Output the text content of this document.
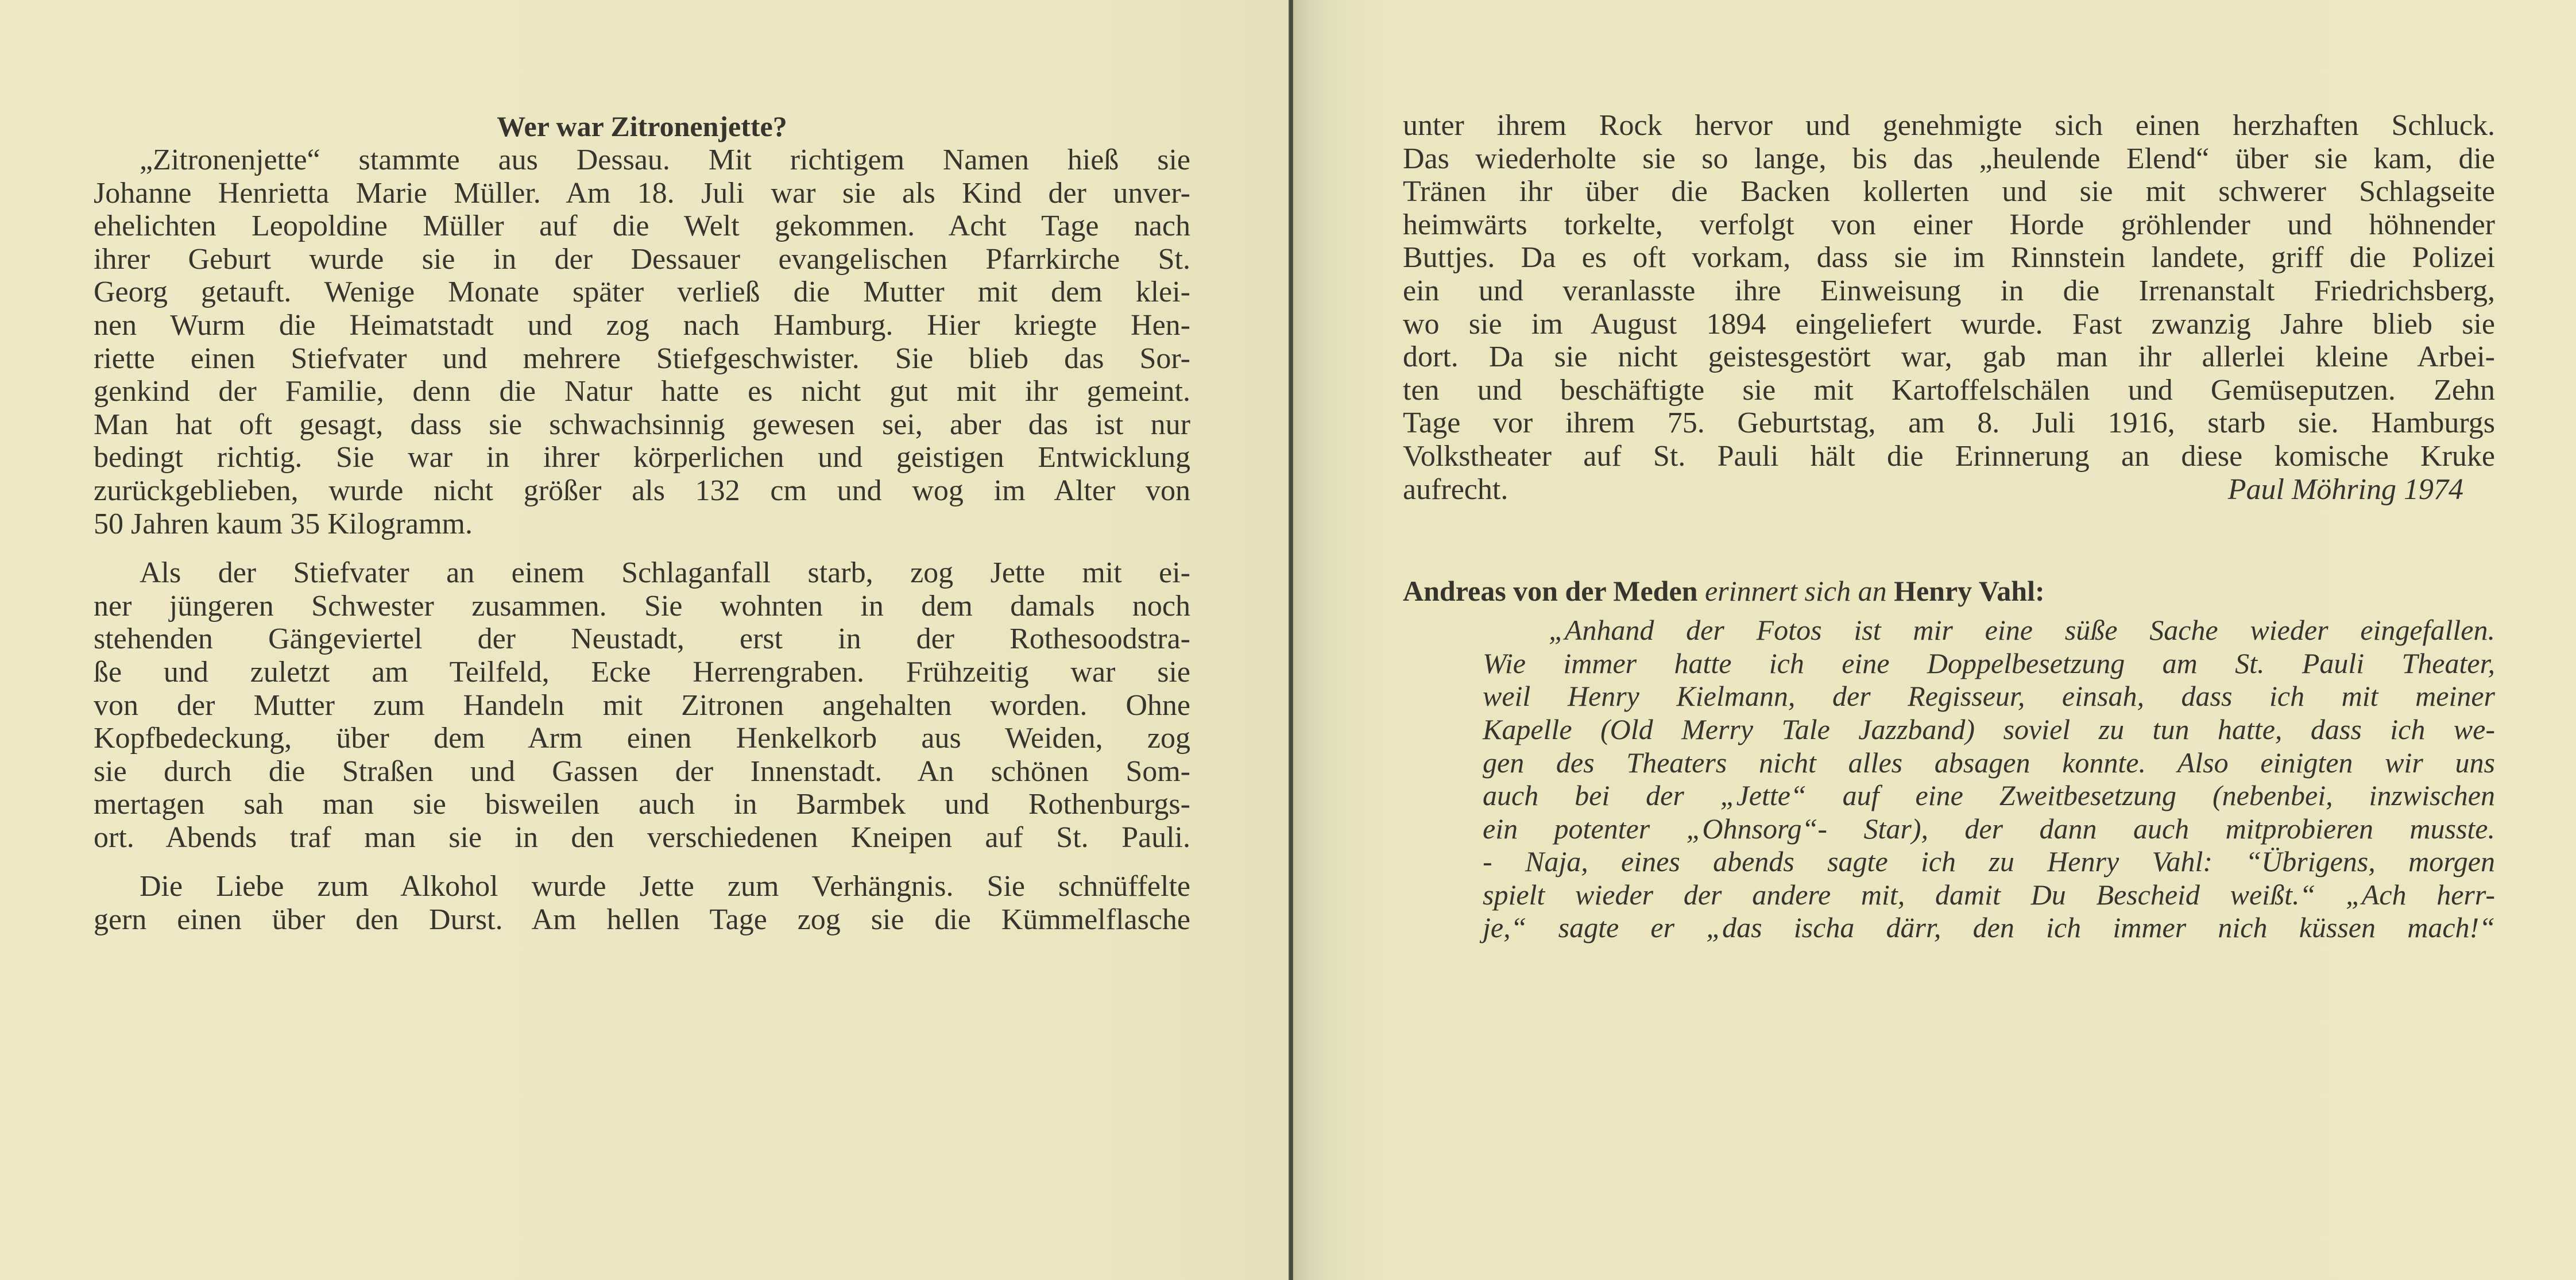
Wer war Zitronenjette?
„Zitronenjette“ stammte aus Dessau. Mit richtigem Namen hieß sie
Johanne Henrietta Marie Müller. Am 18. Juli war sie als Kind der unver-
ehelichten Leopoldine Müller auf die Welt gekommen. Acht Tage nach
ihrer Geburt wurde sie in der Dessauer evangelischen Pfarrkirche St.
Georg getauft. Wenige Monate später verließ die Mutter mit dem klei-
nen Wurm die Heimatstadt und zog nach Hamburg. Hier kriegte Hen-
riette einen Stiefvater und mehrere Stiefgeschwister. Sie blieb das Sor-
genkind der Familie, denn die Natur hatte es nicht gut mit ihr gemeint.
Man hat oft gesagt, dass sie schwachsinnig gewesen sei, aber das ist nur
bedingt richtig. Sie war in ihrer körperlichen und geistigen Entwicklung
zurückgeblieben, wurde nicht größer als 132 cm und wog im Alter von
50 Jahren kaum 35 Kilogramm.
Als der Stiefvater an einem Schlaganfall starb, zog Jette mit ei-
ner jüngeren Schwester zusammen. Sie wohnten in dem damals noch
stehenden Gängeviertel der Neustadt, erst in der Rothesoodstra-
ße und zuletzt am Teilfeld, Ecke Herrengraben. Frühzeitig war sie
von der Mutter zum Handeln mit Zitronen angehalten worden. Ohne
Kopfbedeckung, über dem Arm einen Henkelkorb aus Weiden, zog
sie durch die Straßen und Gassen der Innenstadt. An schönen Som-
mertagen sah man sie bisweilen auch in Barmbek und Rothenburgs-
ort. Abends traf man sie in den verschiedenen Kneipen auf St. Pauli.
Die Liebe zum Alkohol wurde Jette zum Verhängnis. Sie schnüffelte
gern einen über den Durst. Am hellen Tage zog sie die Kümmelflasche
unter ihrem Rock hervor und genehmigte sich einen herzhaften Schluck.
Das wiederholte sie so lange, bis das „heulende Elend“ über sie kam, die
Tränen ihr über die Backen kollerten und sie mit schwerer Schlagseite
heimwärts torkelte, verfolgt von einer Horde gröhlender und höhnender
Buttjes. Da es oft vorkam, dass sie im Rinnstein landete, griff die Polizei
ein und veranlasste ihre Einweisung in die Irrenanstalt Friedrichsberg,
wo sie im August 1894 eingeliefert wurde. Fast zwanzig Jahre blieb sie
dort. Da sie nicht geistesgestört war, gab man ihr allerlei kleine Arbei-
ten und beschäftigte sie mit Kartoffelschälen und Gemüseputzen. Zehn
Tage vor ihrem 75. Geburtstag, am 8. Juli 1916, starb sie. Hamburgs
Volkstheater auf St. Pauli hält die Erinnerung an diese komische Kruke
aufrecht.	Paul Möhring 1974
Andreas von der Meden erinnert sich an Henry Vahl:
„Anhand der Fotos ist mir eine süße Sache wieder eingefallen.
Wie immer hatte ich eine Doppelbesetzung am St. Pauli Theater,
weil Henry Kielmann, der Regisseur, einsah, dass ich mit meiner
Kapelle (Old Merry Tale Jazzband) soviel zu tun hatte, dass ich we-
gen des Theaters nicht alles absagen konnte. Also einigten wir uns
auch bei der „Jette“ auf eine Zweitbesetzung (nebenbei, inzwischen
ein potenter „Ohnsorg“- Star), der dann auch mitprobieren musste.
- Naja, eines abends sagte ich zu Henry Vahl: “Übrigens, morgen
spielt wieder der andere mit, damit Du Bescheid weißt.“ „Ach herr-
je,“ sagte er „das ischa därr, den ich immer nich küssen mach!“
